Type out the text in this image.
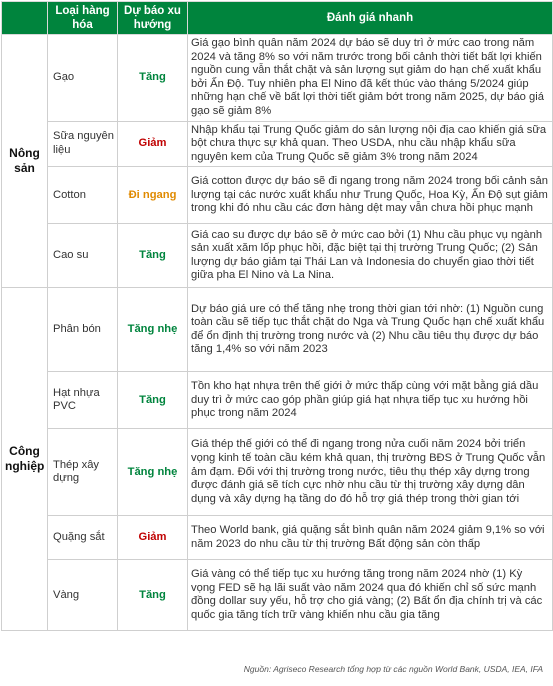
	Loại hàng hóa	Dự báo xu hướng	Đánh giá nhanh
Nông sản	Gạo	Tăng	Giá gạo bình quân năm 2024 dự báo sẽ duy trì ở mức cao trong năm 2024 và tăng 8% so với năm trước trong bối cảnh thời tiết bất lợi khiến nguồn cung vẫn thắt chặt và sản lượng sụt giảm do hạn chế xuất khẩu bởi Ấn Độ. Tuy nhiên pha El Nino đã kết thúc vào tháng 5/2024 giúp những hạn chế về bất lợi thời tiết giảm bớt trong năm 2025, dự báo giá gạo sẽ giảm 8%
	Sữa nguyên liệu	Giảm	Nhập khẩu tại Trung Quốc giảm do sản lượng nội địa cao khiến giá sữa bột chưa thực sự khả quan. Theo USDA, nhu cầu nhập khẩu sữa nguyên kem của Trung Quốc sẽ giảm 3% trong năm 2024
	Cotton	Đi ngang	Giá cotton được dự báo sẽ đi ngang trong năm 2024 trong bối cảnh sản lượng tại các nước xuất khẩu như Trung Quốc, Hoa Kỳ, Ấn Độ sụt giảm trong khi đó nhu cầu các đơn hàng dệt may vẫn chưa hồi phục mạnh
	Cao su	Tăng	Giá cao su được dự báo sẽ ở mức cao bởi (1) Nhu cầu phục vụ ngành sản xuất xăm lốp phục hồi, đặc biệt tại thị trường Trung Quốc; (2) Sản lượng dự báo giảm tại Thái Lan và Indonesia do chuyển giao thời tiết giữa pha El Nino và La Nina.
Công nghiệp	Phân bón	Tăng nhẹ	Dự báo giá ure có thể tăng nhẹ trong thời gian tới nhờ: (1) Nguồn cung toàn cầu sẽ tiếp tục thắt chặt do Nga và Trung Quốc hạn chế xuất khẩu để ổn định thị trường trong nước và (2) Nhu cầu tiêu thụ được dự báo tăng 1,4% so với năm 2023
	Hạt nhựa PVC	Tăng	Tồn kho hạt nhựa trên thế giới ở mức thấp cùng với mặt bằng giá dầu duy trì ở mức cao góp phần giúp giá hạt nhựa tiếp tục xu hướng hồi phục trong năm 2024
	Thép xây dựng	Tăng nhẹ	Giá thép thế giới có thể đi ngang trong nửa cuối năm 2024 bởi triển vọng kinh tế toàn cầu kém khả quan, thị trường BĐS ở Trung Quốc vẫn ảm đạm. Đối với thị trường trong nước, tiêu thụ thép xây dựng trong được đánh giá sẽ tích cực nhờ nhu cầu từ thị trường xây dựng dân dụng và xây dựng hạ tầng do đó hỗ trợ giá thép trong thời gian tới
	Quặng sắt	Giảm	Theo World bank, giá quặng sắt bình quân năm 2024 giảm 9,1% so với năm 2023 do nhu cầu từ thị trường Bất động sản còn thấp
	Vàng	Tăng	Giá vàng có thể tiếp tục xu hướng tăng trong năm 2024 nhờ (1) Kỳ vọng FED sẽ hạ lãi suất vào năm 2024 qua đó khiến chỉ số sức mạnh đồng dollar suy yếu, hỗ trợ cho giá vàng; (2) Bất ổn địa chính trị và các quốc gia tăng tích trữ vàng khiến nhu cầu gia tăng
Nguồn: Agriseco Research tổng hợp từ các nguồn World Bank, USDA, IEA, IFA
